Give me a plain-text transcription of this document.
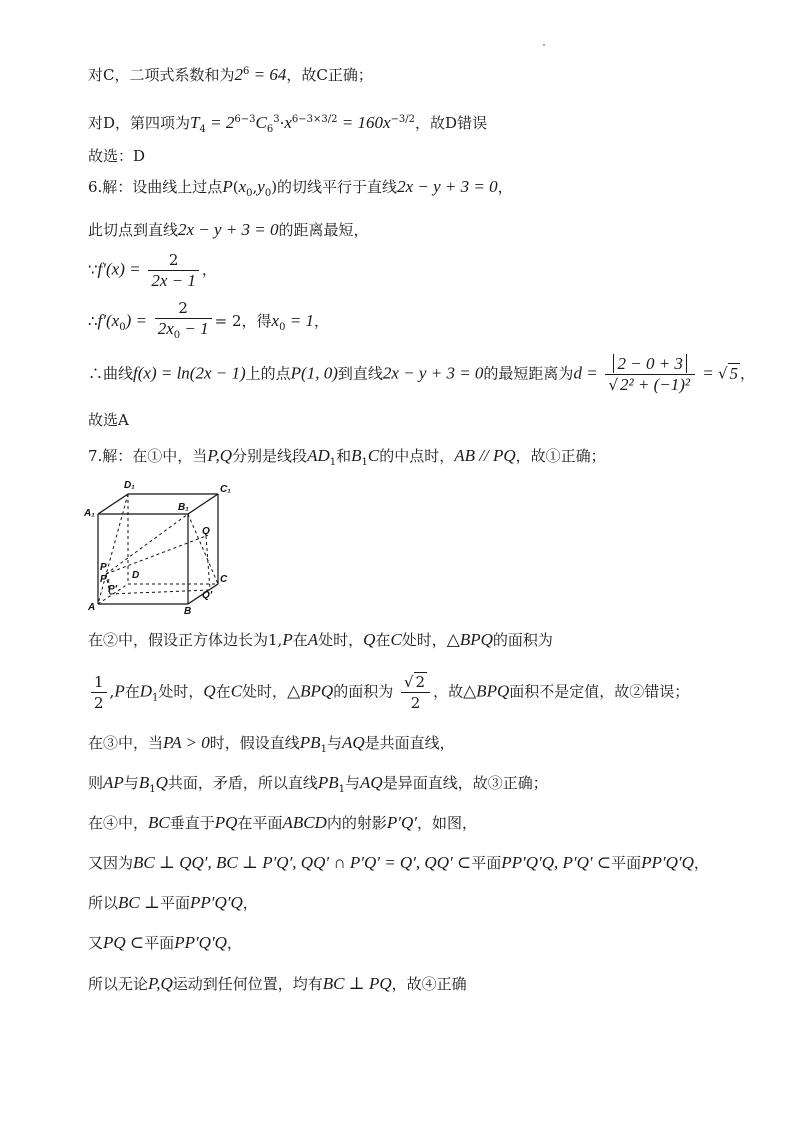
对C，二项式系数和为$2^6 = 64$，故C正确；
对D，第四项为$T_4 = 2^{6-3}C_6^3\cdot x^{6-3\times 3/2} = 160x^{-3/2}$，故D错误
故选：D
6.解：设曲线上过点$P(x_0,y_0)$的切线平行于直线2x − y + 3 = 0，
此切点到直线2x − y + 3 = 0的距离最短，
∵f′(x) = $\frac{2}{2x - 1}$ ，
$\therefore f'(x_0) = \frac{2}{2x_0 - 1} = 2$，得$x_0 = 1$，
∴曲线f(x) = ln(2x − 1)上的点P(1, 0)到直线2x − y + 3 = 0的最短距离为$d = \frac{2 - 0 + 3}{\text{√ 2² + (−1)²}}$ = √ 5 ，
故选A
7.解：在①中，当P,Q分别是线段$AD_1$和$B_1C$的中点时，AB // PQ，故①正确；
D₁	C₁
A₁
B₁
Q
P
P₁ D
P′
C
Q′
A	B
在②中，假设正方体边长为1,P在A处时，Q在C处时，△BPQ的面积为
$\frac{1}{2} ,P$在$D_1$处时，Q在C处时，△BPQ的面积为 $\frac{√ 2}{2}$ ，故△BPQ面积不是定值，故②错误；
在③中，当PA > 0时，假设直线$PB_1$与AQ是共面直线，
则AP与$B_1Q$共面，矛盾，所以直线$PB_1$与AQ是异面直线，故③正确；
在④中，BC垂直于PQ在平面ABCD内的射影P′Q′，如图，
又因为BC ⊥ QQ′, BC ⊥ P′Q′, QQ′ ∩ P′Q′ = Q′, QQ′ ⊂平面PP′Q′Q, P′Q′ ⊂平面PP′Q′Q，
所以BC ⊥平面PP′Q′Q，
又PQ ⊂平面PP′Q′Q，
所以无论P,Q运动到任何位置，均有BC ⊥ PQ，故④正确
